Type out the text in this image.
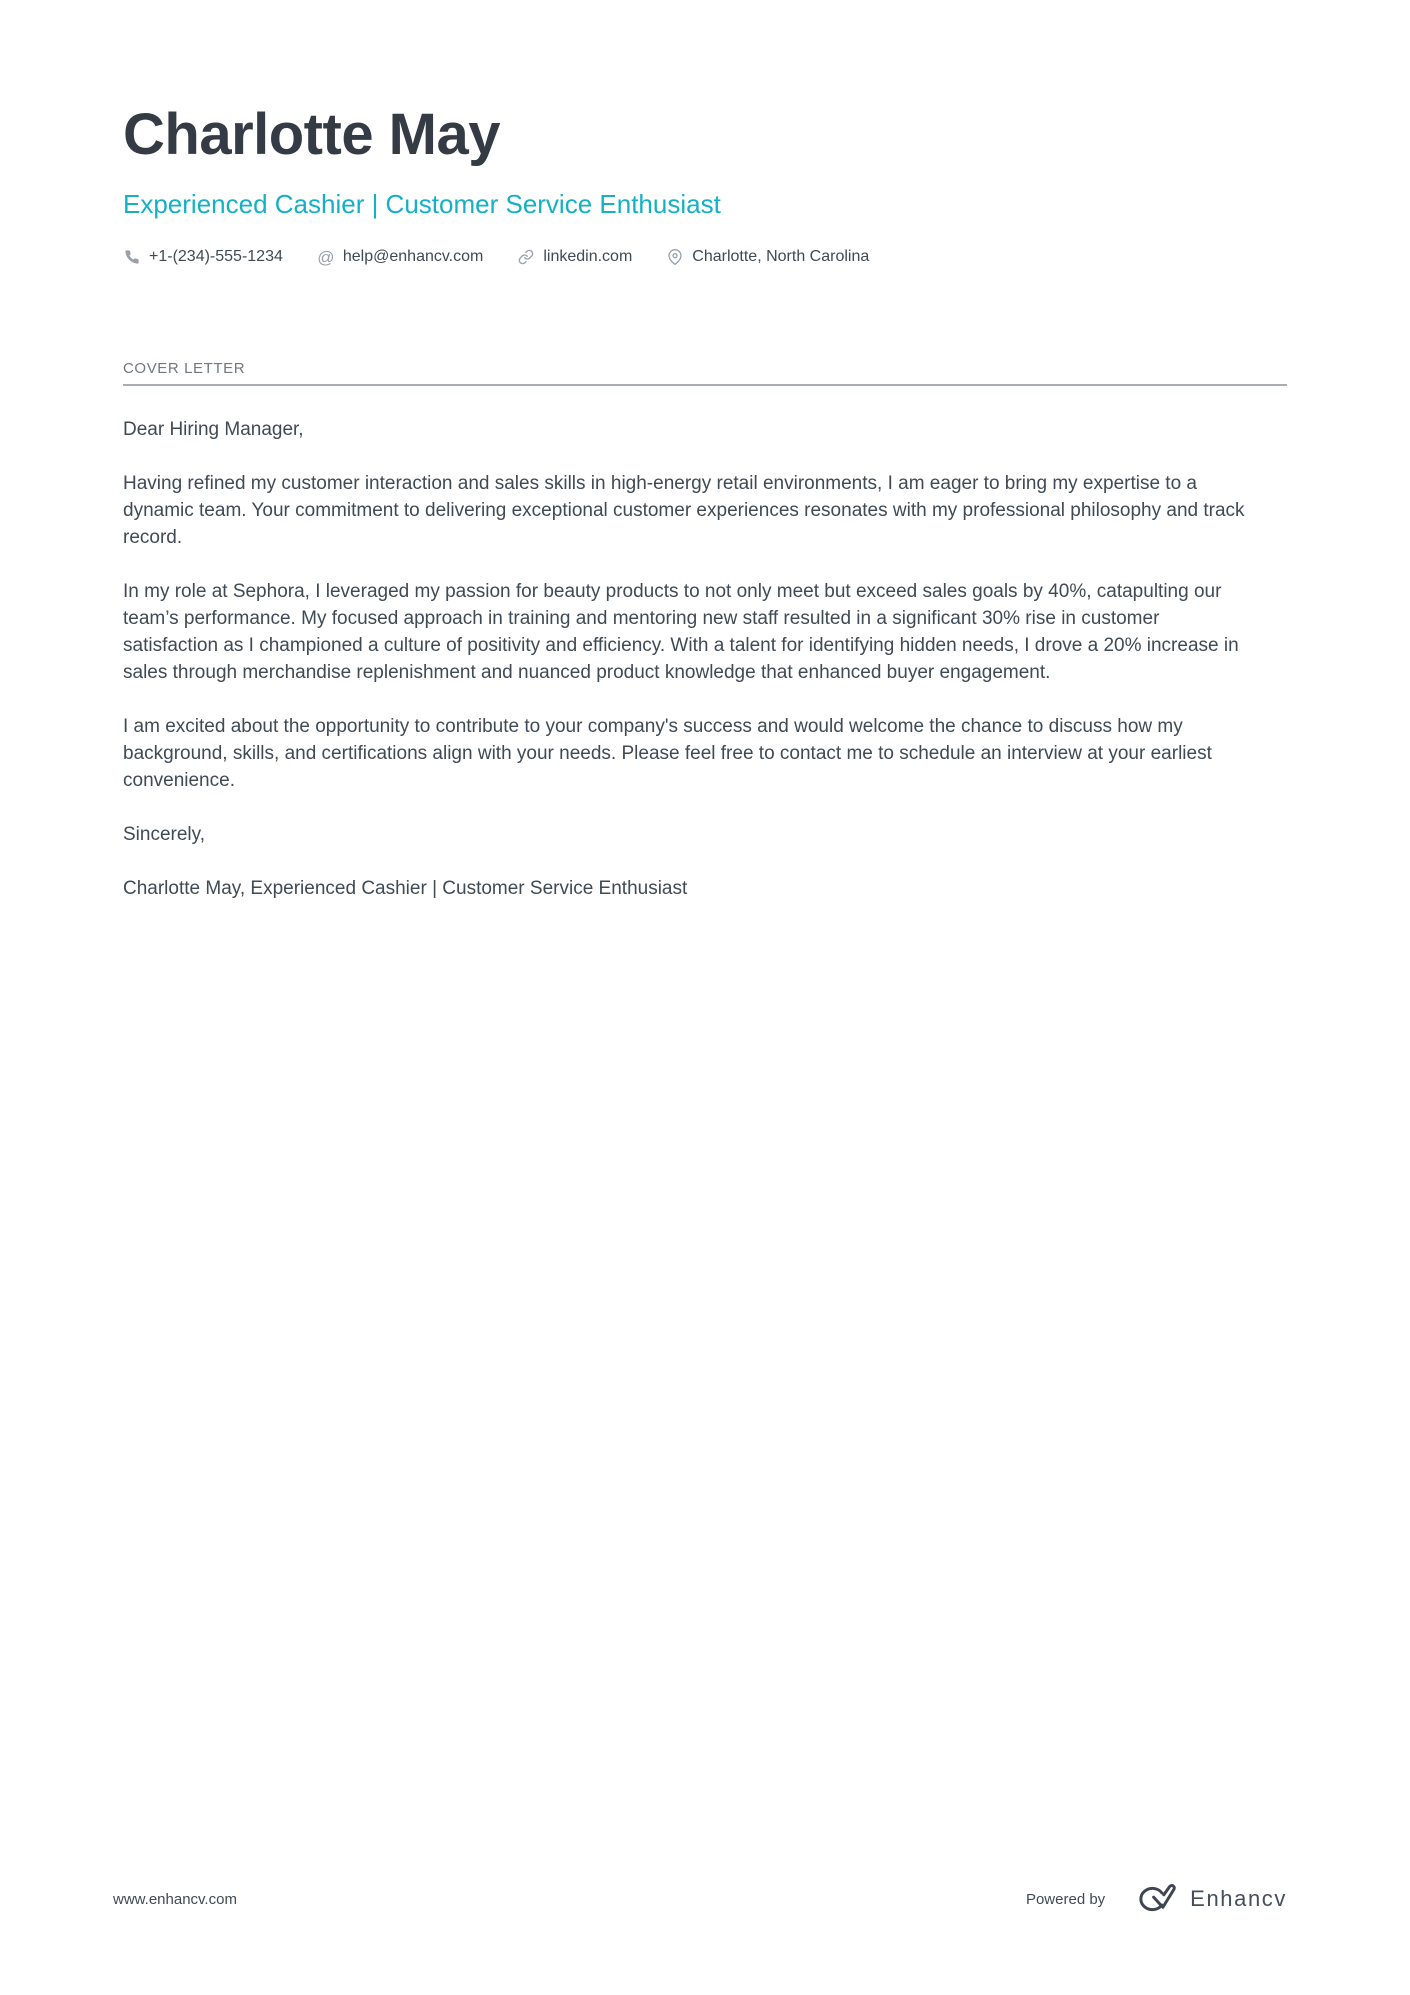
Charlotte May
Experienced Cashier | Customer Service Enthusiast
+1-(234)-555-1234 @ help@enhancv.com	linkedin.com	Charlotte, North Carolina
COVER LETTER

Dear Hiring Manager,

Having refined my customer interaction and sales skills in high-energy retail environments, I am eager to bring my expertise to a dynamic team. Your commitment to delivering exceptional customer experiences resonates with my professional philosophy and track record.

In my role at Sephora, I leveraged my passion for beauty products to not only meet but exceed sales goals by 40%, catapulting our team’s performance. My focused approach in training and mentoring new staff resulted in a significant 30% rise in customer satisfaction as I championed a culture of positivity and efficiency. With a talent for identifying hidden needs, I drove a 20% increase in sales through merchandise replenishment and nuanced product knowledge that enhanced buyer engagement.

I am excited about the opportunity to contribute to your company's success and would welcome the chance to discuss how my background, skills, and certifications align with your needs. Please feel free to contact me to schedule an interview at your earliest convenience.

Sincerely,

Charlotte May, Experienced Cashier | Customer Service Enthusiast

www.enhancv.com	Powered by	Enhancv
